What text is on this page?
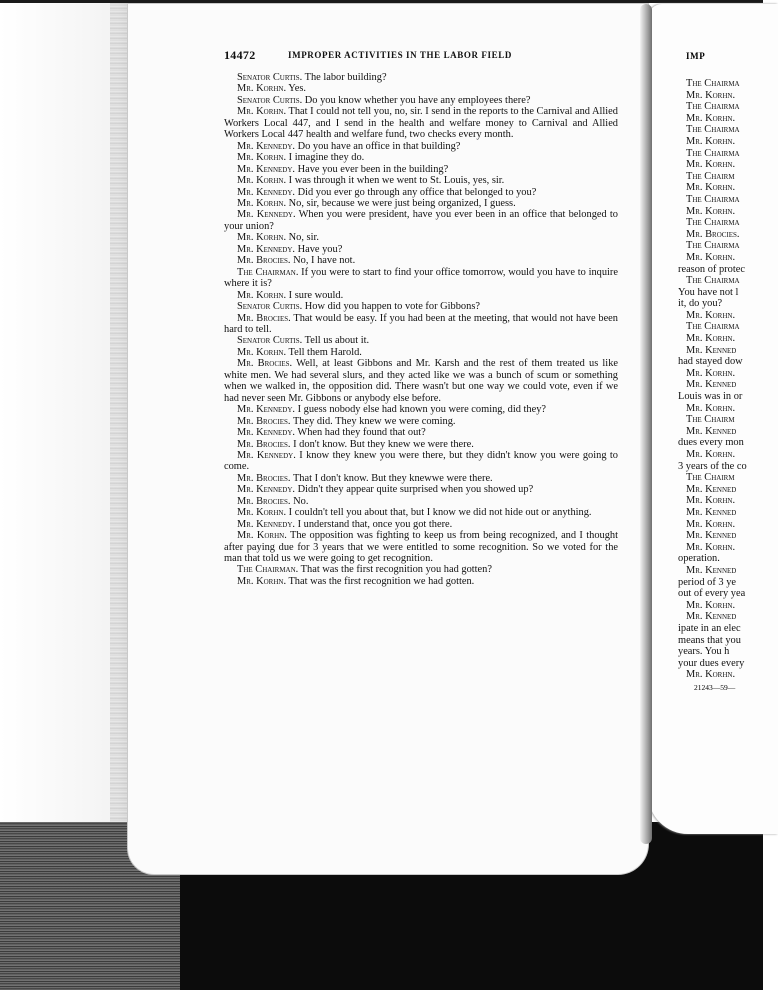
14472	IMPROPER ACTIVITIES IN THE LABOR FIELD

Senator Curtis. The labor building?

Mr. Korhn. Yes.

Senator Curtis. Do you know whether you have any employees there?

Mr. Korhn. That I could not tell you, no, sir. I send in the reports to the Carnival and Allied Workers Local 447, and I send in the health and welfare money to Carnival and Allied Workers Local 447 health and welfare fund, two checks every month.

Mr. Kennedy. Do you have an office in that building?

Mr. Korhn. I imagine they do.

Mr. Kennedy. Have you ever been in the building?

Mr. Korhn. I was through it when we went to St. Louis, yes, sir.

Mr. Kennedy. Did you ever go through any office that belonged to you?

Mr. Korhn. No, sir, because we were just being organized, I guess.

Mr. Kennedy. When you were president, have you ever been in an office that belonged to your union?

Mr. Korhn. No, sir.

Mr. Kennedy. Have you?

Mr. Brocies. No, I have not.

The Chairman. If you were to start to find your office tomorrow, would you have to inquire where it is?

Mr. Korhn. I sure would.

Senator Curtis. How did you happen to vote for Gibbons?

Mr. Brocies. That would be easy. If you had been at the meeting, that would not have been hard to tell.

Senator Curtis. Tell us about it.

Mr. Korhn. Tell them Harold.

Mr. Brocies. Well, at least Gibbons and Mr. Karsh and the rest of them treated us like white men. We had several slurs, and they acted like we was a bunch of scum or something when we walked in, the opposition did. There wasn't but one way we could vote, even if we had never seen Mr. Gibbons or anybody else before.

Mr. Kennedy. I guess nobody else had known you were coming, did they?

Mr. Brocies. They did. They knew we were coming.

Mr. Kennedy. When had they found that out?

Mr. Brocies. I don't know. But they knew we were there.

Mr. Kennedy. I know they knew you were there, but they didn't know you were going to come.

Mr. Brocies. That I don't know. But they knewwe were there.

Mr. Kennedy. Didn't they appear quite surprised when you showed up?

Mr. Brocies. No.

Mr. Korhn. I couldn't tell you about that, but I know we did not hide out or anything.

Mr. Kennedy. I understand that, once you got there.

Mr. Korhn. The opposition was fighting to keep us from being recognized, and I thought after paying due for 3 years that we were entitled to some recognition. So we voted for the man that told us we were going to get recognition.

The Chairman. That was the first recognition you had gotten?

Mr. Korhn. That was the first recognition we had gotten.

IMP
The Chairma
Mr. Korhn.
The Chairma
Mr. Korhn.
The Chairma
Mr. Korhn.
The Chairma
Mr. Korhn.
The Chairm
Mr. Korhn.
The Chairma
Mr. Korhn.
The Chairma
Mr. Brocies.
The Chairma
Mr. Korhn.
reason of protec
The Chairma
You have not l
it, do you?
Mr. Korhn.
The Chairma
Mr. Korhn.
Mr. Kenned
had stayed dow
Mr. Korhn.
Mr. Kenned
Louis was in or
Mr. Korhn.
The Chairm
Mr. Kenned
dues every mon
Mr. Korhn.
3 years of the co
The Chairm
Mr. Kenned
Mr. Korhn.
Mr. Kenned
Mr. Korhn.
Mr. Kenned
Mr. Korhn.
operation.
Mr. Kenned
period of 3 ye
out of every yea
Mr. Korhn.
Mr. Kenned
ipate in an elec
means that you
years. You h
your dues every
Mr. Korhn.
21243—59—
